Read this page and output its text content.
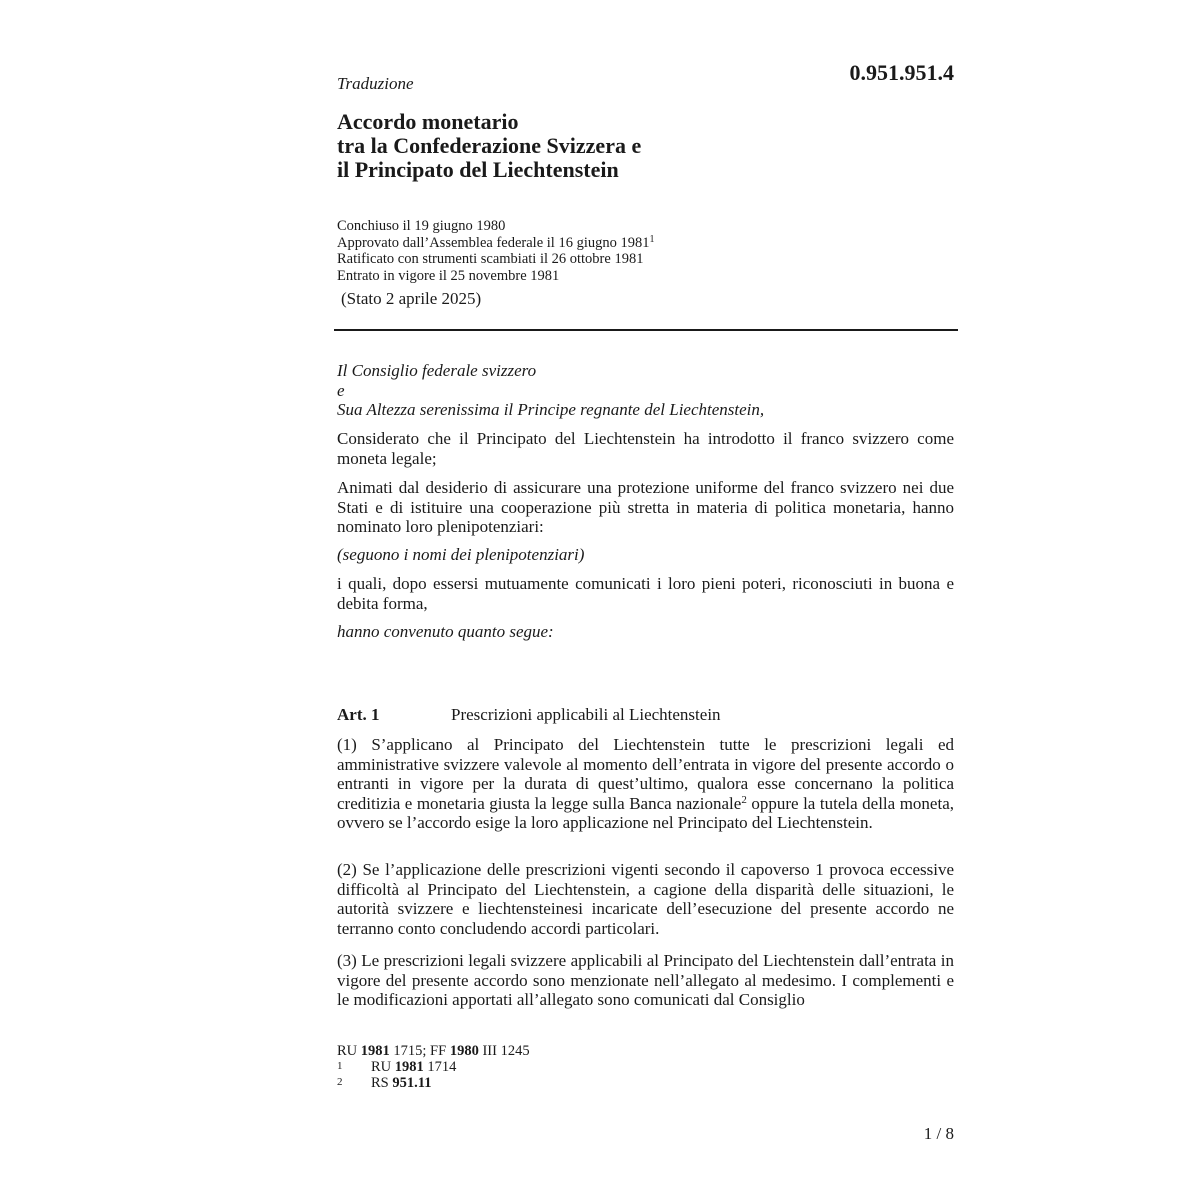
Traduzione	0.951.951.4
Accordo monetario
tra la Confederazione Svizzera e
il Principato del Liechtenstein
Conchiuso il 19 giugno 1980
Approvato dall’Assemblea federale il 16 giugno 1981$^1$
Ratificato con strumenti scambiati il 26 ottobre 1981
Entrato in vigore il 25 novembre 1981
(Stato 2 aprile 2025)

Il Consiglio federale svizzero

e

Sua Altezza serenissima il Principe regnante del Liechtenstein,

Considerato che il Principato del Liechtenstein ha introdotto il franco svizzero come moneta legale;

Animati dal desiderio di assicurare una protezione uniforme del franco svizzero nei due Stati e di istituire una cooperazione più stretta in materia di politica monetaria, hanno nominato loro plenipotenziari:

(seguono i nomi dei plenipotenziari)

i quali, dopo essersi mutuamente comunicati i loro pieni poteri, riconosciuti in buona e debita forma,

hanno convenuto quanto segue:

Art. 1	Prescrizioni applicabili al Liechtenstein

(1) S’applicano al Principato del Liechtenstein tutte le prescrizioni legali ed amministrative svizzere valevole al momento dell’entrata in vigore del presente accordo o entranti in vigore per la durata di quest’ultimo, qualora esse concernano la politica creditizia e monetaria giusta la legge sulla Banca nazionale$^2$ oppure la tutela della moneta, ovvero se l’accordo esige la loro applicazione nel Principato del Liechtenstein.

(2) Se l’applicazione delle prescrizioni vigenti secondo il capoverso 1 provoca eccessive difficoltà al Principato del Liechtenstein, a cagione della disparità delle situazioni, le autorità svizzere e liechtensteinesi incaricate dell’esecuzione del presente accordo ne terranno conto concludendo accordi particolari.

(3) Le prescrizioni legali svizzere applicabili al Principato del Liechtenstein dall’entrata in vigore del presente accordo sono menzionate nell’allegato al medesimo. I complementi e le modificazioni apportati all’allegato sono comunicati dal Consiglio

RU 1981 1715; FF 1980 III 1245
1	RU 1981 1714
2	RS 951.11
1 / 8
